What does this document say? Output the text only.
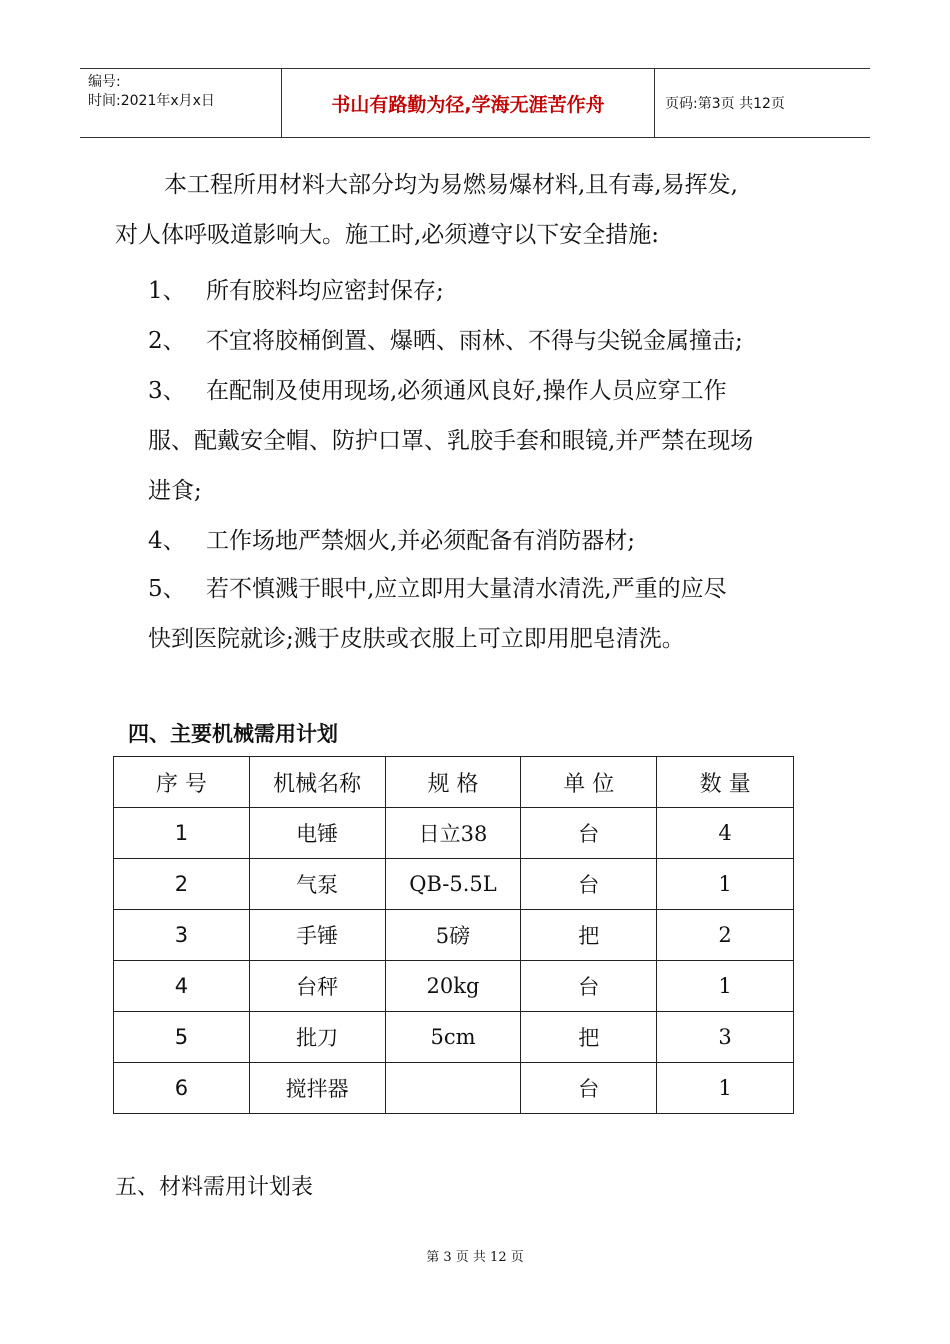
编号:
时间:2021年x月x日	书山有路勤为径,学海无涯苦作舟	页码:第3页 共12页
本工程所用材料大部分均为易燃易爆材料,且有毒,易挥发,
对人体呼吸道影响大。施工时,必须遵守以下安全措施:
1、 所有胶料均应密封保存;
2、 不宜将胶桶倒置、爆晒、雨林、不得与尖锐金属撞击;
3、 在配制及使用现场,必须通风良好,操作人员应穿工作
服、配戴安全帽、防护口罩、乳胶手套和眼镜,并严禁在现场
进食;
4、 工作场地严禁烟火,并必须配备有消防器材;
5、 若不慎溅于眼中,应立即用大量清水清洗,严重的应尽
快到医院就诊;溅于皮肤或衣服上可立即用肥皂清洗。
四、主要机械需用计划
序 号	机械名称	规 格	单 位	数 量
1	电锤	日立38	台	4
2	气泵	QB-5.5L	台	1
3	手锤	5磅	把	2
4	台秤	20kg	台	1
5	批刀	5cm	把	3
6	搅拌器		台	1
五、材料需用计划表
第 3 页 共 12 页
